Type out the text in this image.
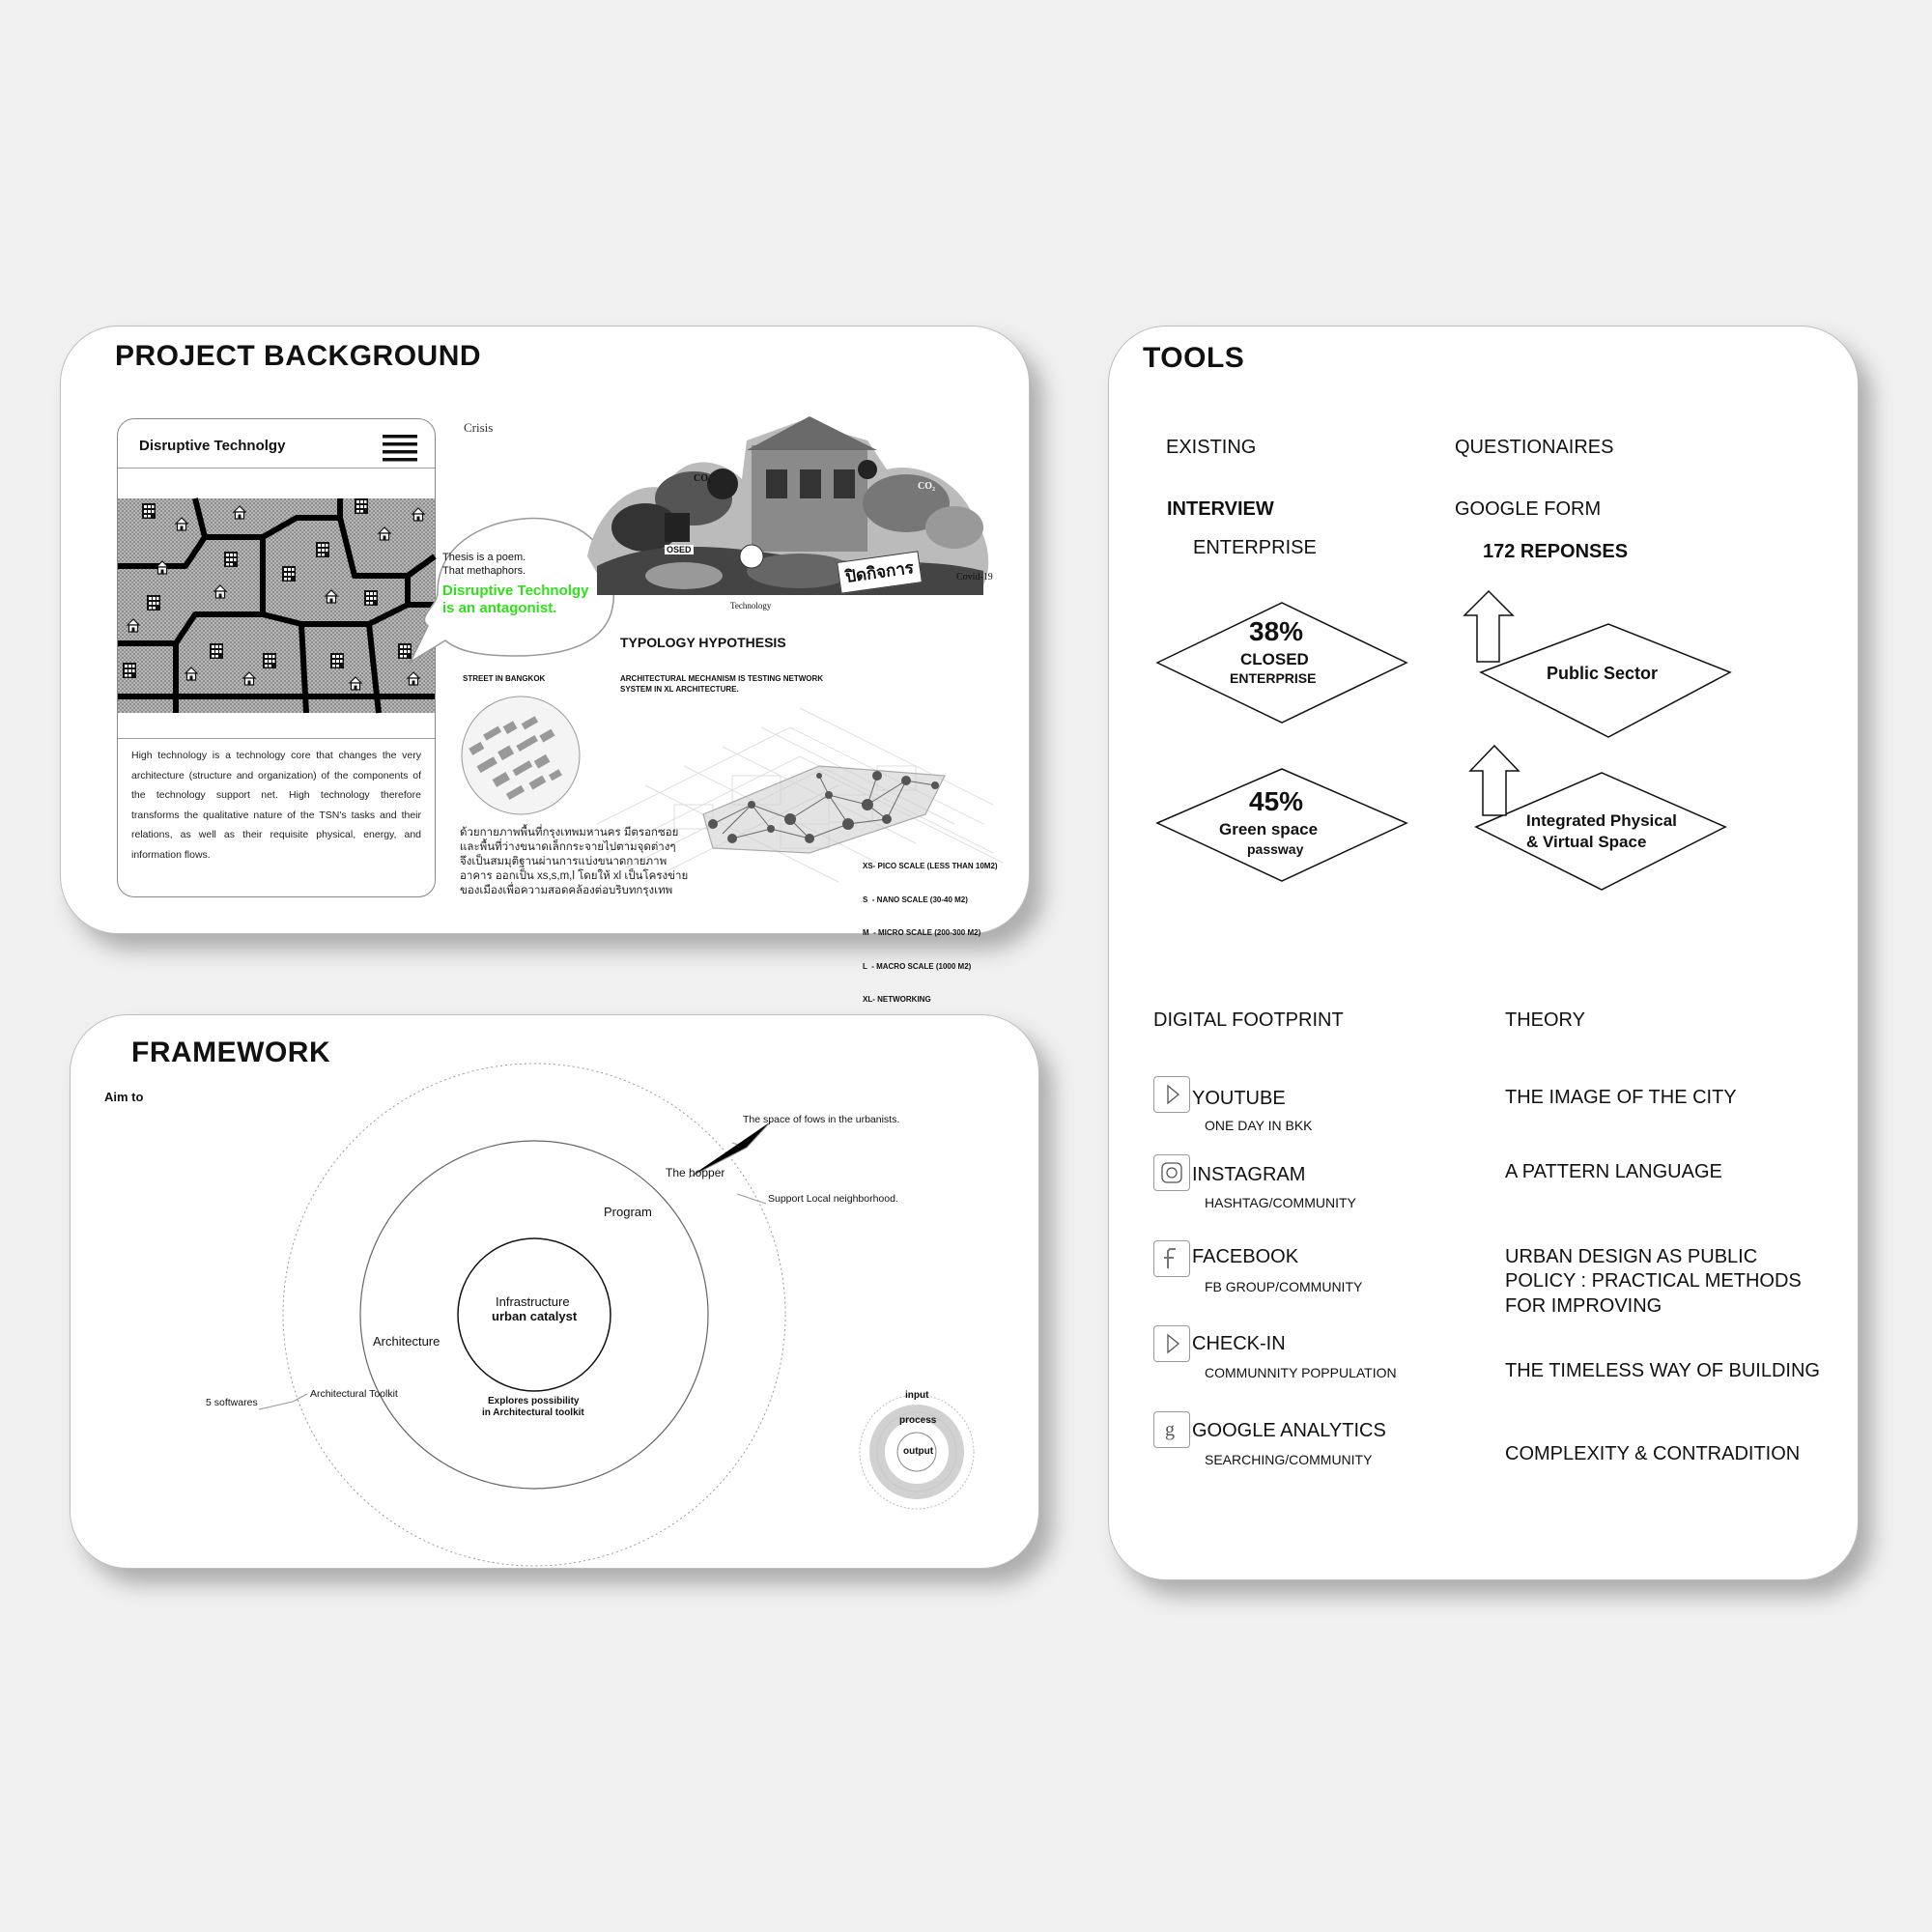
PROJECT BACKGROUND
Disruptive Technolgy
High technology is a technology core that changes the very architecture (structure and organization) of the components of the technology support net. High technology therefore transforms the qualitative nature of the TSN's tasks and their relations, as well as their requisite physical, energy, and information flows.
Thesis is a poem.
That methaphors.
Disruptive Technolgy
is an antagonist.
Crisis
CO₂
CO₂
OSED
Technology
ปิดกิจการ	Covid-19
TYPOLOGY HYPOTHESIS
STREET IN BANGKOK	ARCHITECTURAL MECHANISM IS TESTING NETWORK
SYSTEM IN XL ARCHITECTURE.
ด้วยกายภาพพื้นที่กรุงเทพมหานคร มีตรอกซอย
และพื้นที่ว่างขนาดเล็กกระจายไปตามจุดต่างๆ
จึงเป็นสมมุติฐานผ่านการแบ่งขนาดกายภาพ
อาคาร ออกเป็น xs,s,m,l โดยให้ xl เป็นโครงข่าย
ของเมืองเพื่อความสอดคล้องต่อบริบทกรุงเทพ

XS- PICO SCALE (LESS THAN 10M2)

S  - NANO SCALE (30-40 M2)

M  - MICRO SCALE (200-300 M2)

L  - MACRO SCALE (1000 M2)

XL- NETWORKING

FRAMEWORK
Aim to
Infrastructure
urban catalyst
Program
Architecture
The hopper
The space of fows in the urbanists.
Support Local neighborhood.
Architectural Toolkit
5 softwares	Explores possibility
in Architectural toolkit
input
process
output
TOOLS
EXISTING	QUESTIONAIRES
INTERVIEW
ENTERPRISE
GOOGLE FORM
172 REPONSES
38%
CLOSED
ENTERPRISE
45%
Green space
passway
Public Sector
Integrated Physical
& Virtual Space
DIGITAL FOOTPRINT	THEORY
YOUTUBE
ONE DAY IN BKK
INSTAGRAM
HASHTAG/COMMUNITY
FACEBOOK
FB GROUP/COMMUNITY
CHECK-IN
COMMUNNITY POPPULATION
g GOOGLE ANALYTICS
SEARCHING/COMMUNITY
THE IMAGE OF THE CITY
A PATTERN LANGUAGE
URBAN DESIGN AS PUBLIC
POLICY : PRACTICAL METHODS
FOR IMPROVING
THE TIMELESS WAY OF BUILDING
COMPLEXITY & CONTRADITION
